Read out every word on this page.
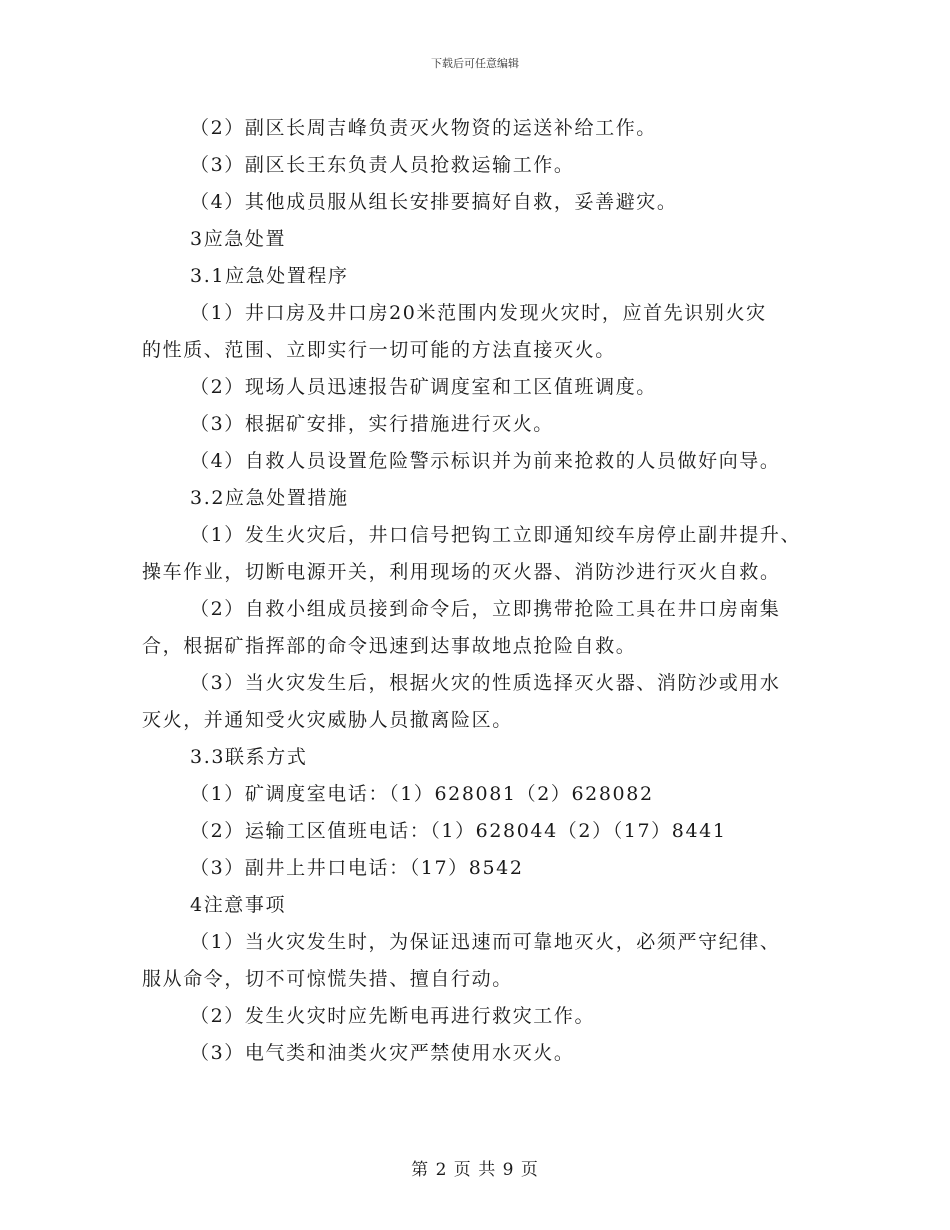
下载后可任意编辑
（2）副区长周吉峰负责灭火物资的运送补给工作。
（3）副区长王东负责人员抢救运输工作。
（4）其他成员服从组长安排要搞好自救，妥善避灾。
3应急处置
3.1应急处置程序
（1）井口房及井口房20米范围内发现火灾时，应首先识别火灾
的性质、范围、立即实行一切可能的方法直接灭火。
（2）现场人员迅速报告矿调度室和工区值班调度。
（3）根据矿安排，实行措施进行灭火。
（4）自救人员设置危险警示标识并为前来抢救的人员做好向导。
3.2应急处置措施
（1）发生火灾后，井口信号把钩工立即通知绞车房停止副井提升、
操车作业，切断电源开关，利用现场的灭火器、消防沙进行灭火自救。
（2）自救小组成员接到命令后，立即携带抢险工具在井口房南集
合，根据矿指挥部的命令迅速到达事故地点抢险自救。
（3）当火灾发生后，根据火灾的性质选择灭火器、消防沙或用水
灭火，并通知受火灾威胁人员撤离险区。
3.3联系方式
（1）矿调度室电话：（1）628081（2）628082
（2）运输工区值班电话：（1）628044（2）（17）8441
（3）副井上井口电话：（17）8542
4注意事项
（1）当火灾发生时，为保证迅速而可靠地灭火，必须严守纪律、
服从命令，切不可惊慌失措、擅自行动。
（2）发生火灾时应先断电再进行救灾工作。
（3）电气类和油类火灾严禁使用水灭火。
第 2 页 共 9 页
